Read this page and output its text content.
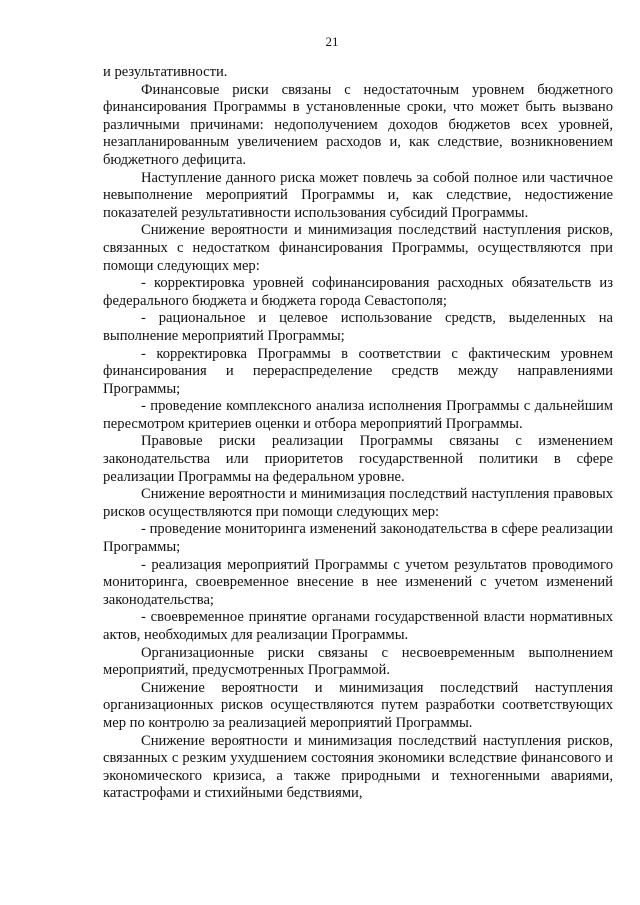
21

и результативности.

Финансовые риски связаны с недостаточным уровнем бюджетного финансирования Программы в установленные сроки, что может быть вызвано различными причинами: недополучением доходов бюджетов всех уровней, незапланированным увеличением расходов и, как следствие, возникновением бюджетного дефицита.

Наступление данного риска может повлечь за собой полное или частичное невыполнение мероприятий Программы и, как следствие, недостижение показателей результативности использования субсидий Программы.

Снижение вероятности и минимизация последствий наступления рисков, связанных с недостатком финансирования Программы, осуществляются при помощи следующих мер:

- корректировка уровней софинансирования расходных обязательств из федерального бюджета и бюджета города Севастополя;

- рациональное и целевое использование средств, выделенных на выполнение мероприятий Программы;

- корректировка Программы в соответствии с фактическим уровнем финансирования и перераспределение средств между направлениями Программы;

- проведение комплексного анализа исполнения Программы с дальнейшим пересмотром критериев оценки и отбора мероприятий Программы.

Правовые риски реализации Программы связаны с изменением законодательства или приоритетов государственной политики в сфере реализации Программы на федеральном уровне.

Снижение вероятности и минимизация последствий наступления правовых рисков осуществляются при помощи следующих мер:

- проведение мониторинга изменений законодательства в сфере реализации Программы;

- реализация мероприятий Программы с учетом результатов проводимого мониторинга, своевременное внесение в нее изменений с учетом изменений законодательства;

- своевременное принятие органами государственной власти нормативных актов, необходимых для реализации Программы.

Организационные риски связаны с несвоевременным выполнением мероприятий, предусмотренных Программой.

Снижение вероятности и минимизация последствий наступления организационных рисков осуществляются путем разработки соответствующих мер по контролю за реализацией мероприятий Программы.

Снижение вероятности и минимизация последствий наступления рисков, связанных с резким ухудшением состояния экономики вследствие финансового и экономического кризиса, а также природными и техногенными авариями, катастрофами и стихийными бедствиями,
